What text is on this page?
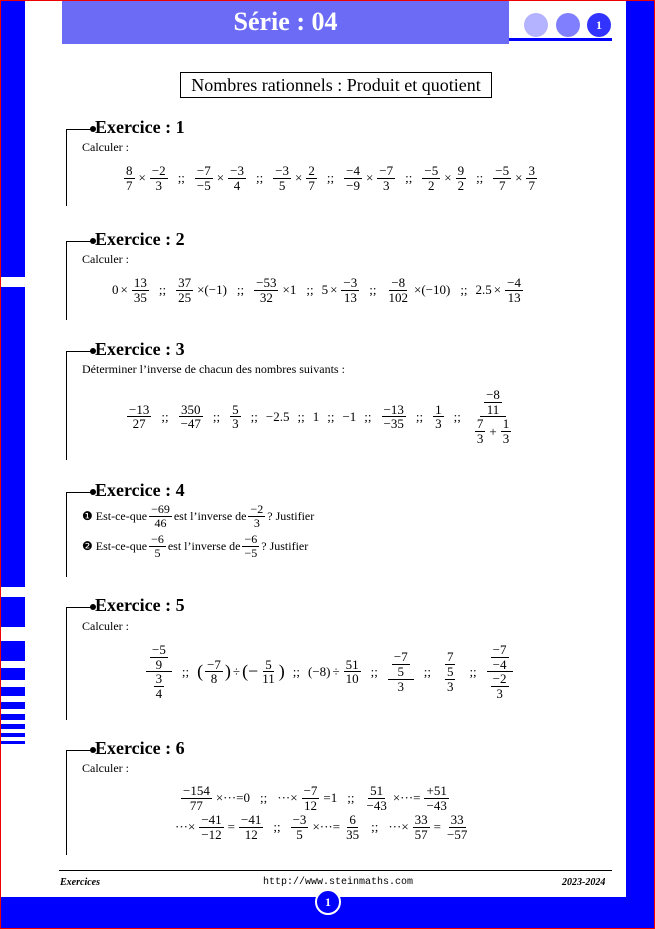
Série : 04	1
Nombres rationnels : Produit et quotient
Exercice : 1
Calculer :
$\frac{8}{7} \times \frac{-2}{3}$ ;; $\frac{-7}{-5} \times \frac{-3}{4}$ ;; $\frac{-3}{5} \times \frac{2}{7}$ ;; $\frac{-4}{-9} \times \frac{-7}{3}$ ;; $\frac{-5}{2} \times \frac{9}{2}$ ;; $\frac{-5}{7} \times \frac{3}{7}$
Exercice : 2
Calculer :
$0 \times \frac{13}{35}$ ;; $\frac{37}{25} \times(-1)$ ;; $\frac{-53}{32} \times 1$ ;; $5 \times \frac{-3}{13}$ ;; $\frac{-8}{102} \times(-10)$ ;; $2.5 \times \frac{-4}{13}$
Exercice : 3
Déterminer l’inverse de chacun des nombres suivants :
−13
27 ;; 350
−47 ;; 5
3 ;; −2.5 ;; 1 ;; −1 ;; −13
−35 ;; 1
3 ;; $\frac{-8}{11}$
7
$3 + \frac{1}{3}$
Exercice : 4
❶ Est-ce-que −69
46 est l’inverse de −2
3 ? Justifier
❷ Est-ce-que −6
5 est l’inverse de −6
−5 ? Justifier
Exercice : 5
Calculer :
$\frac{-5}{9}$
$\frac{3}{4}$
;; ( −7
8 ) ÷ (− $\frac{5}{11}$ ) ;; $(-8) \div \frac{51}{10}$ ;; $\frac{-7}{5}$
3
;;
7
$\frac{5}{3}$ ;; $\frac{-7}{-4}$
$\frac{-2}{3}$
Exercice : 6
Calculer :
$\frac{-154}{77} \times\cdot\cdot\cdot=0$ ;; ···× $\frac{-7}{12} =1$ ;; $\frac{51}{-43}$ ×···= $\frac{+51}{-43}$
···× $\frac{-41}{-12} = \frac{-41}{12}$ ;; $\frac{-3}{5}$ ×···= $\frac{6}{35}$ ;; ···× $\frac{33}{57} = \frac{33}{-57}$
Exercices	http://www.steinmaths.com	2023-2024
1
